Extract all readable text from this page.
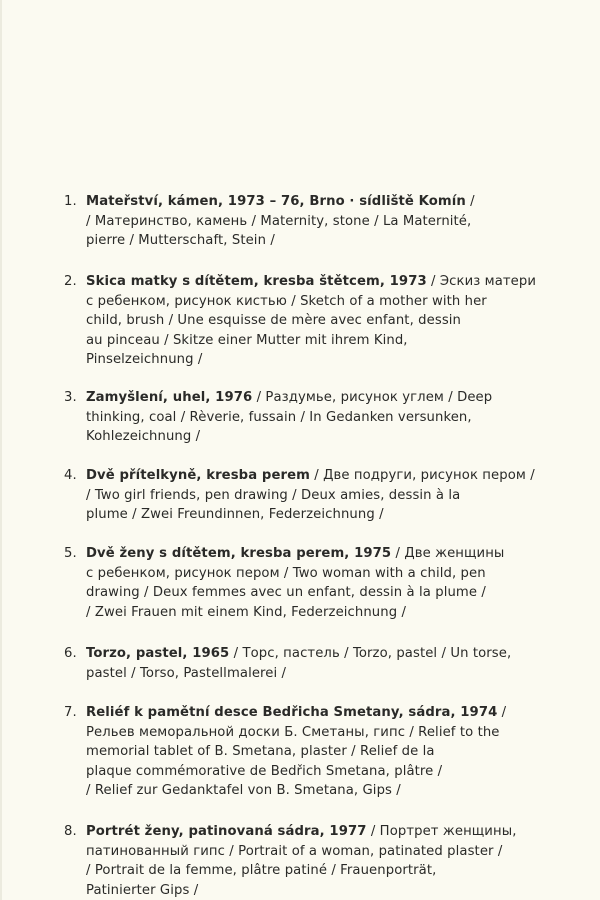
1. Mateřství, kámen, 1973 – 76, Brno · sídliště Komín /
/ Материнство, камень / Maternity, stone / La Maternité,
pierre / Mutterschaft, Stein /
2. Skica matky s dítětem, kresba štětcem, 1973 / Эскиз матери
с ребенком, рисунок кистью / Sketch of a mother with her
child, brush / Une esquisse de mère avec enfant, dessin
au pinceau / Skitze einer Mutter mit ihrem Kind,
Pinselzeichnung /
3. Zamyšlení, uhel, 1976 / Раздумье, рисунок углем / Deep
thinking, coal / Rèverie, fussain / In Gedanken versunken,
Kohlezeichnung /
4. Dvě přítelkyně, kresba perem / Две подруги, рисунок пером /
/ Two girl friends, pen drawing / Deux amies, dessin à la
plume / Zwei Freundinnen, Federzeichnung /
5. Dvě ženy s dítětem, kresba perem, 1975 / Две женщины
с ребенком, рисунок пером / Two woman with a child, pen
drawing / Deux femmes avec un enfant, dessin à la plume /
/ Zwei Frauen mit einem Kind, Federzeichnung /
6. Torzo, pastel, 1965 / Торс, пастель / Torzo, pastel / Un torse,
pastel / Torso, Pastellmalerei /
7. Reliéf k pamětní desce Bedřicha Smetany, sádra, 1974 /
Рельев меморальной доски Б. Сметаны, гипс / Relief to the
memorial tablet of B. Smetana, plaster / Relief de la
plaque commémorative de Bedřich Smetana, plâtre /
/ Relief zur Gedanktafel von B. Smetana, Gips /
8. Portrét ženy, patinovaná sádra, 1977 / Портрет женщины,
патинованный гипс / Portrait of a woman, patinated plaster /
/ Portrait de la femme, plâtre patiné / Frauenporträt,
Patinierter Gips /
